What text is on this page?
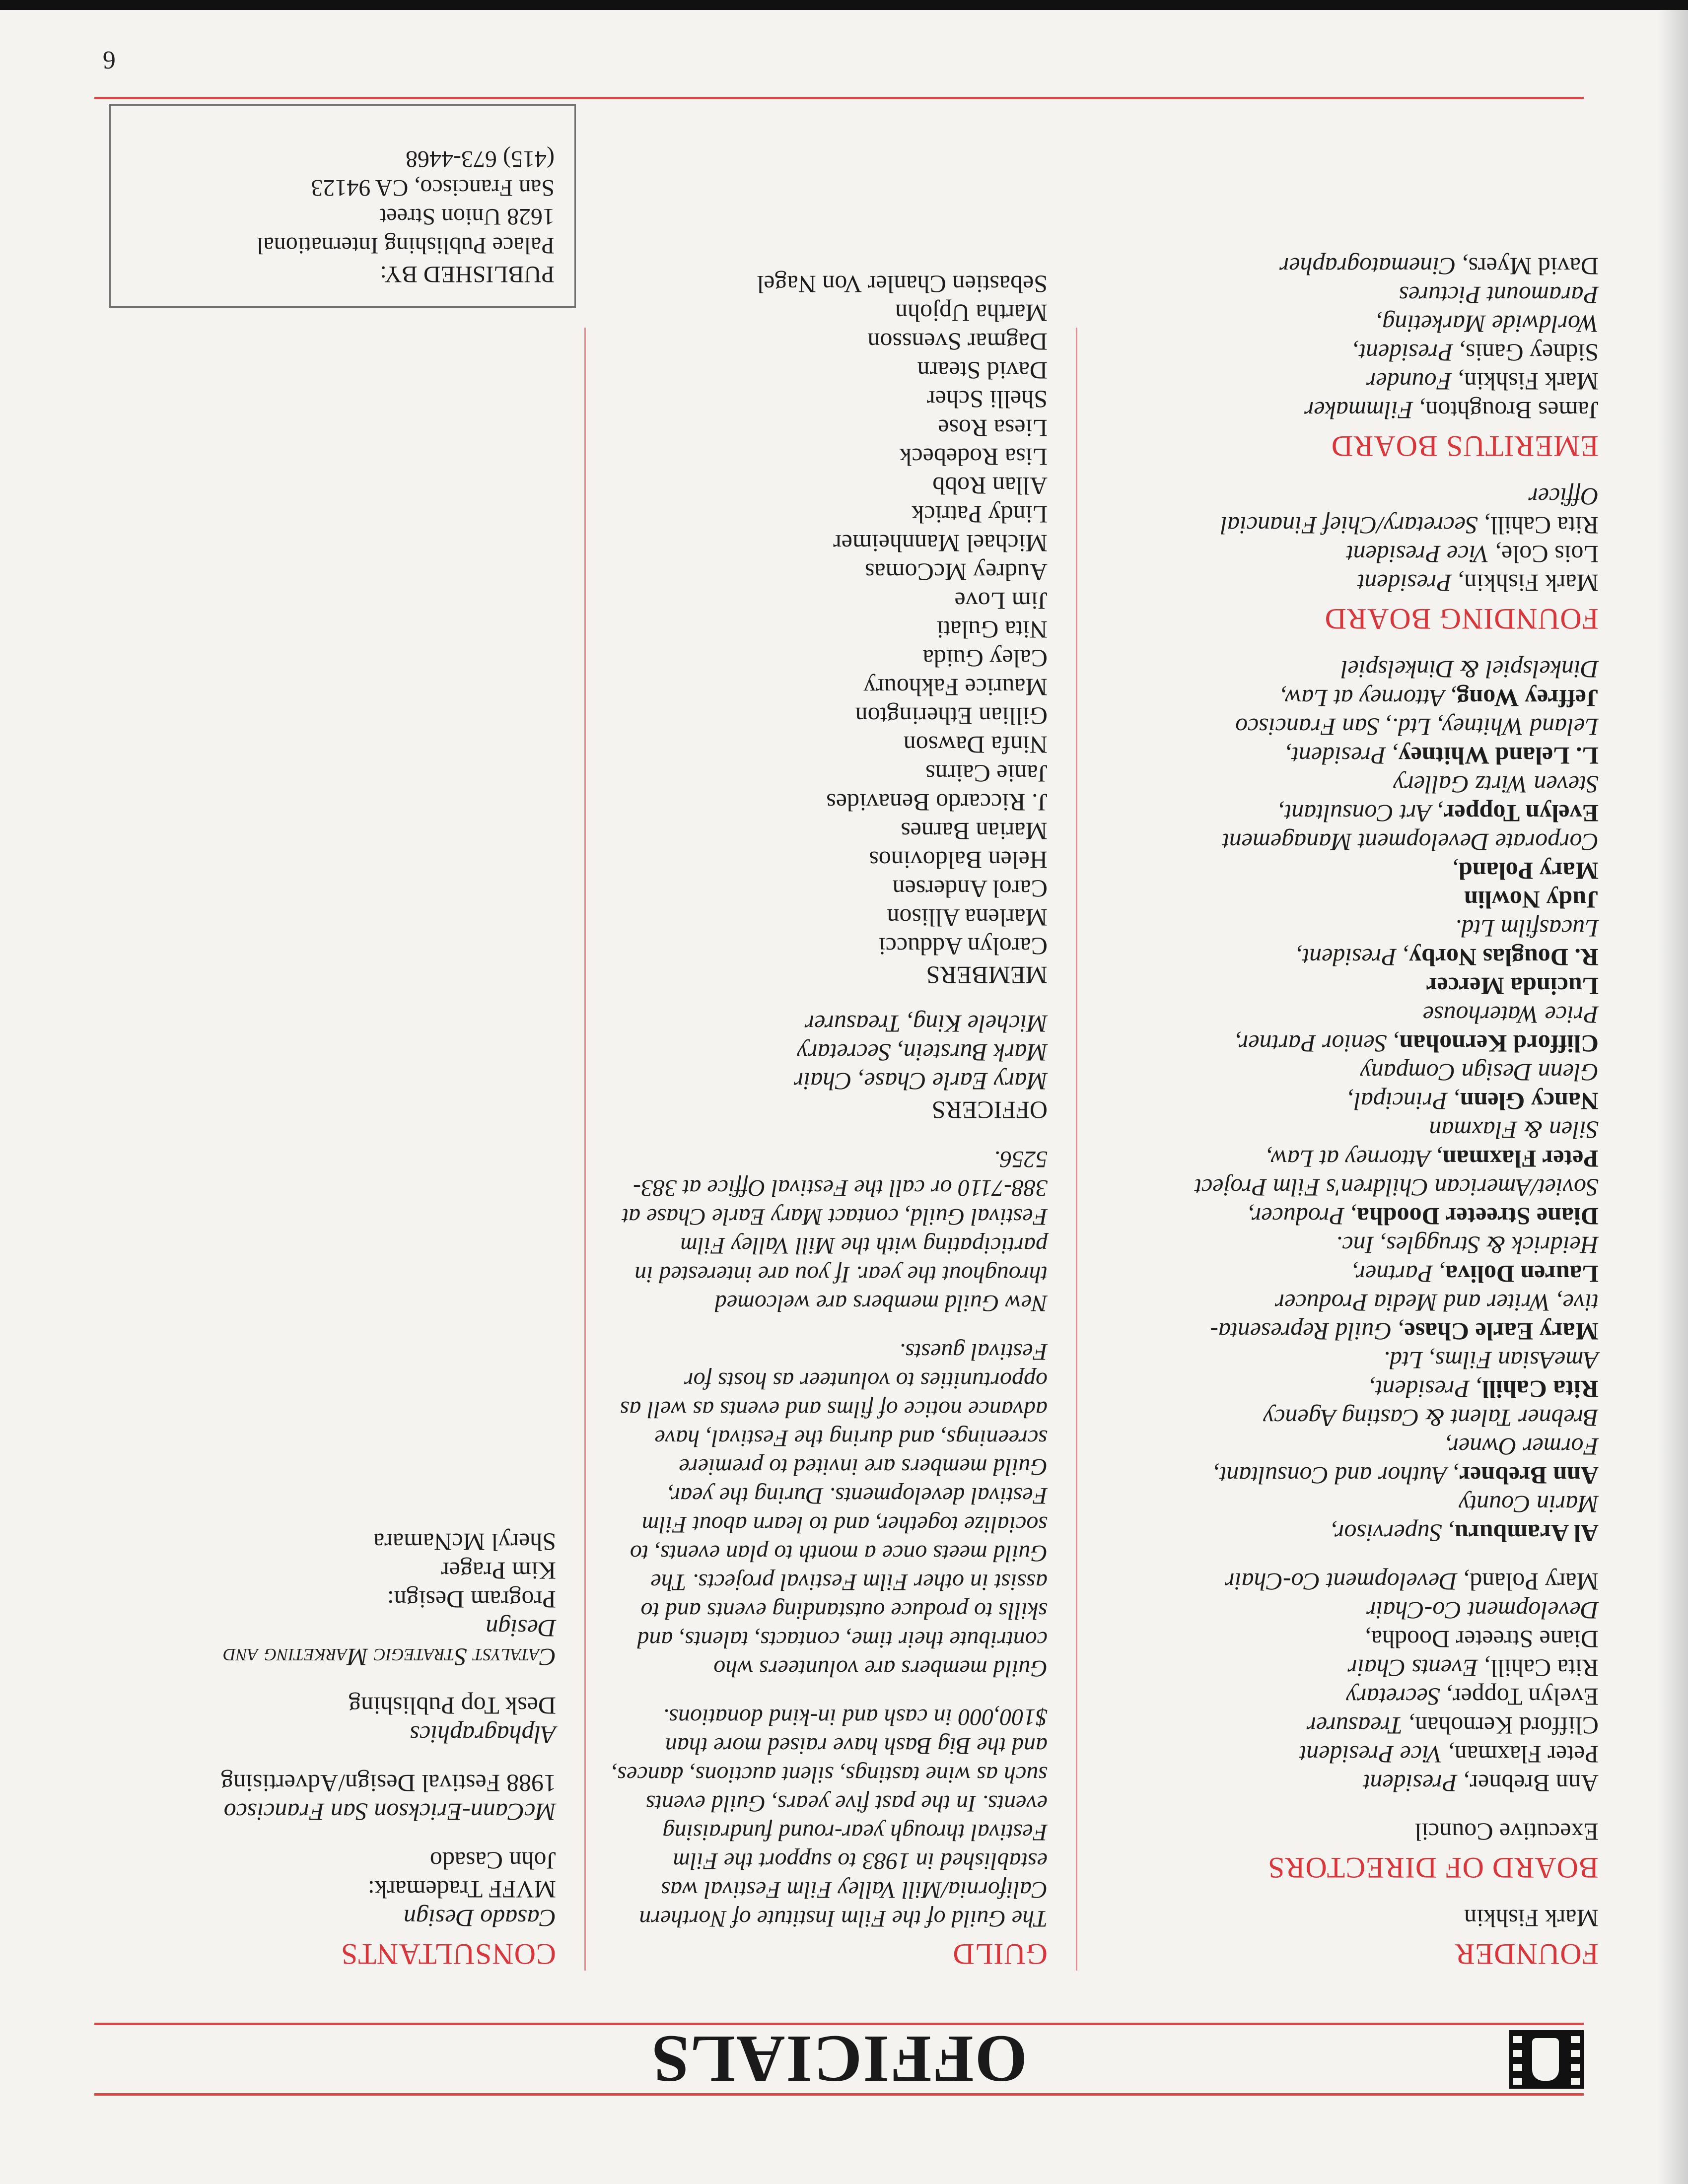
OFFICIALS
FOUNDER

Mark Fishkin

BOARD OF DIRECTORS

Executive Council

Ann Brebner, President

Peter Flaxman, Vice President

Clifford Kernohan, Treasurer

Evelyn Topper, Secretary

Rita Cahill, Events Chair

Diane Streeter Doodha,

Development Co-Chair

Mary Poland, Development Co-Chair

Al Aramburu, Supervisor,

Marin County

Ann Brebner, Author and Consultant,

Former Owner,

Brebner Talent & Casting Agency

Rita Cahill, President,

AmeAsian Films, Ltd.

Mary Earle Chase, Guild Representa-

tive, Writer and Media Producer

Lauren Doliva, Partner,

Heidrick & Struggles, Inc.

Diane Streeter Doodha, Producer,

Soviet/American Children's Film Project

Peter Flaxman, Attorney at Law,

Silen & Flaxman

Nancy Glenn, Principal,

Glenn Design Company

Clifford Kernohan, Senior Partner,

Price Waterhouse

Lucinda Mercer

R. Douglas Norby, President,

Lucasfilm Ltd.

Judy Nowlin

Mary Poland,

Corporate Development Management

Evelyn Topper, Art Consultant,

Steven Wirtz Gallery

L. Leland Whitney, President,

Leland Whitney, Ltd., San Francisco

Jeffrey Wong, Attorney at Law,

Dinkelspiel & Dinkelspiel

FOUNDING BOARD

Mark Fishkin, President

Lois Cole, Vice President

Rita Cahill, Secretary/Chief Financial

Officer

EMERITUS BOARD

James Broughton, Filmmaker

Mark Fishkin, Founder

Sidney Ganis, President,

Worldwide Marketing,

Paramount Pictures

David Myers, Cinematographer

GUILD

The Guild of the Film Institute of Northern California/Mill Valley Film Festival was established in 1983 to support the Film Festival through year-round fundraising events. In the past five years, Guild events such as wine tastings, silent auctions, dances, and the Big Bash have raised more than $100,000 in cash and in-kind donations.

Guild members are volunteers who contribute their time, contacts, talents, and skills to produce outstanding events and to assist in other Film Festival projects. The Guild meets once a month to plan events, to socialize together, and to learn about Film Festival developments. During the year, Guild members are invited to premiere screenings, and during the Festival, have advance notice of films and events as well as opportunities to volunteer as hosts for Festival guests.

New Guild members are welcomed throughout the year. If you are interested in participating with the Mill Valley Film Festival Guild, contact Mary Earle Chase at 388-7110 or call the Festival Office at 383-5256.

OFFICERS

Mary Earle Chase, Chair

Mark Burstein, Secretary

Michele King, Treasurer

MEMBERS

Carolyn Adducci

Marlena Allison

Carol Andersen

Helen Baldovinos

Marian Barnes

J. Riccardo Benavides

Janie Cairns

Ninfa Dawson

Gillian Etherington

Maurice Fakhoury

Caley Guida

Nita Gulati

Jim Love

Audrey McComas

Michael Mannheimer

Lindy Patrick

Allan Robb

Lisa Rodebeck

Liesa Rose

Shelli Scher

David Stearn

Dagmar Svensson

Martha Upjohn

Sebastien Chanler Von Nagel

CONSULTANTS

Casado Design

MVFF Trademark:

John Casado

McCann-Erickson San Francisco

1988 Festival Design/Advertising

Alphagraphics

Desk Top Publishing

Catalyst Strategic Marketing and

Design

Program Design:

Kim Prager

Sheryl McNamara

PUBLISHED BY:

Palace Publishing International

1628 Union Street

San Francisco, CA 94123

(415) 673-4468

6
